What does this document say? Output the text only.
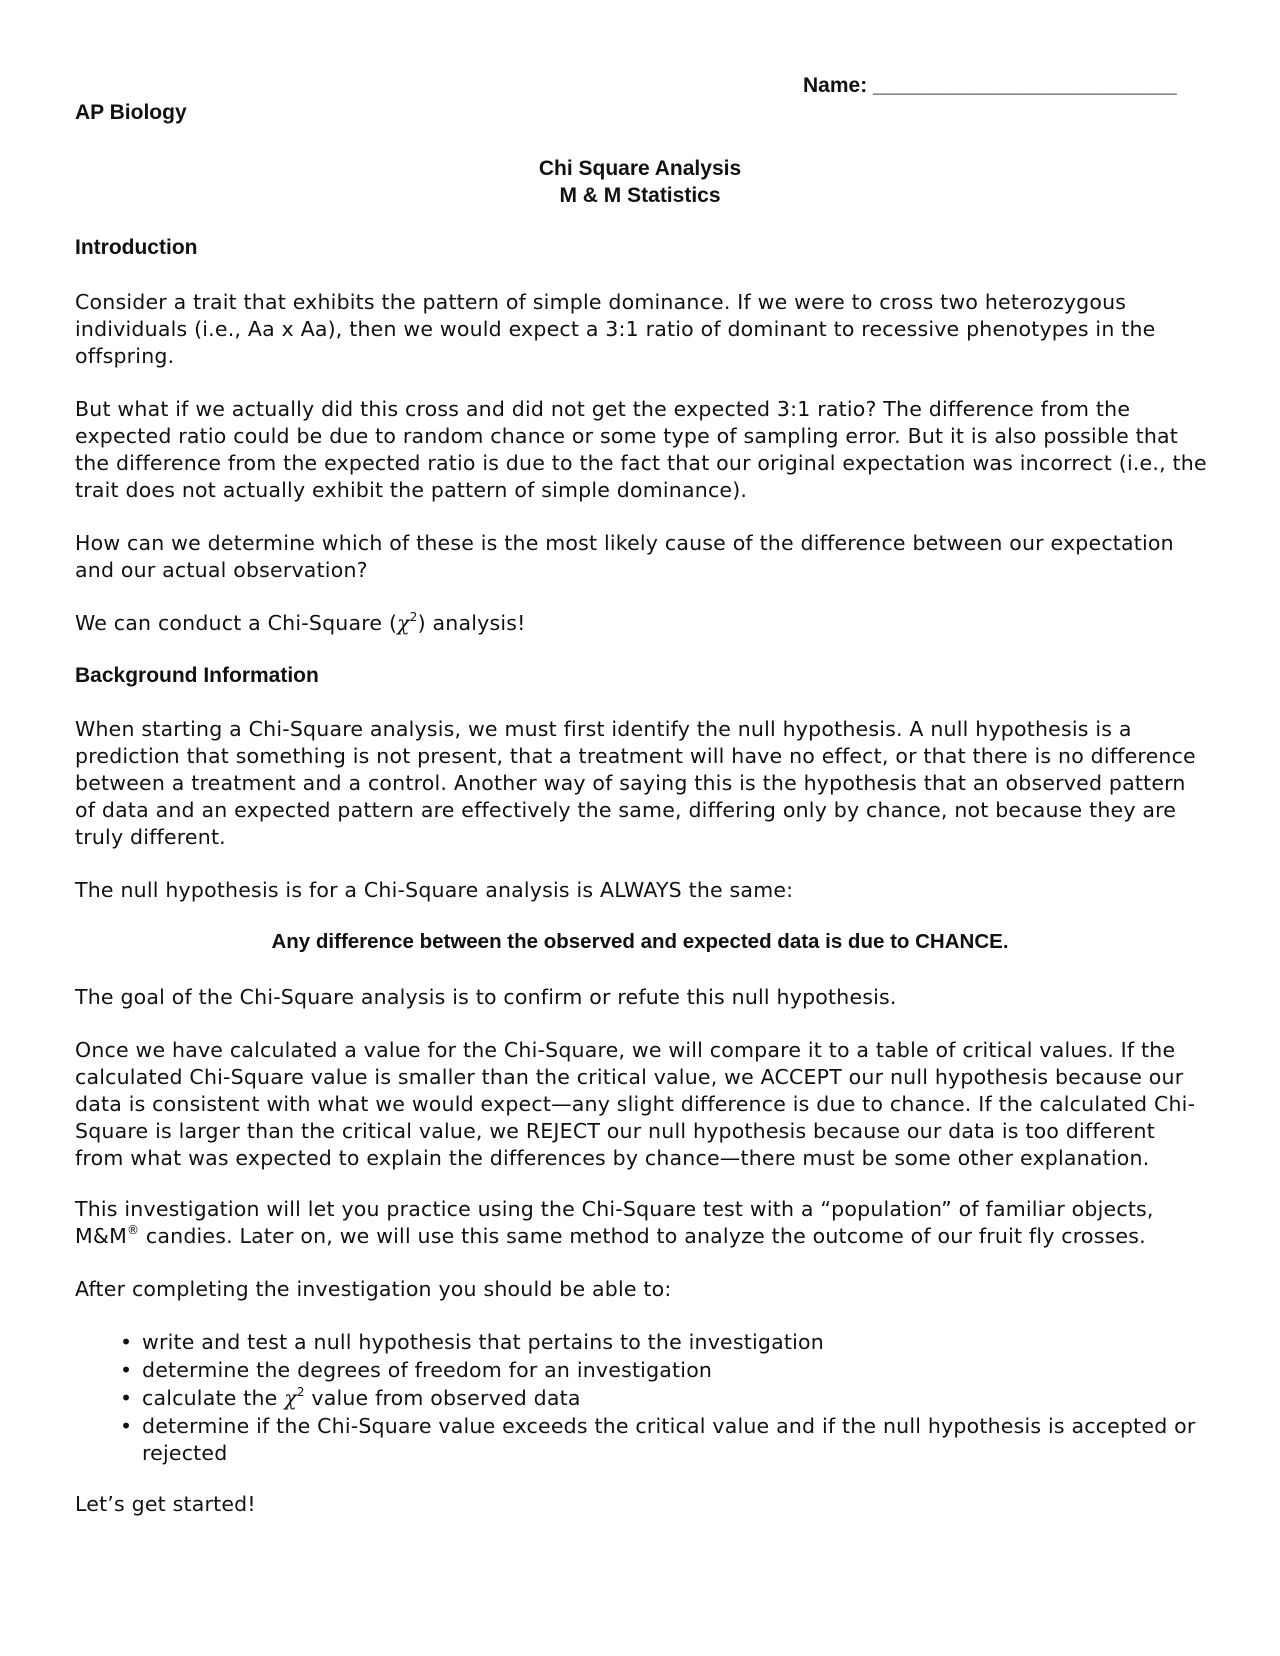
Name: __________________________
AP Biology
Chi Square Analysis
M & M Statistics
Introduction

Consider a trait that exhibits the pattern of simple dominance. If we were to cross two heterozygous individuals (i.e., Aa x Aa), then we would expect a 3:1 ratio of dominant to recessive phenotypes in the offspring.

But what if we actually did this cross and did not get the expected 3:1 ratio? The difference from the expected ratio could be due to random chance or some type of sampling error. But it is also possible that the difference from the expected ratio is due to the fact that our original expectation was incorrect (i.e., the trait does not actually exhibit the pattern of simple dominance).

How can we determine which of these is the most likely cause of the difference between our expectation and our actual observation?

We can conduct a Chi-Square $(\chi^2)$ analysis!

Background Information

When starting a Chi-Square analysis, we must first identify the null hypothesis. A null hypothesis is a prediction that something is not present, that a treatment will have no effect, or that there is no difference between a treatment and a control. Another way of saying this is the hypothesis that an observed pattern of data and an expected pattern are effectively the same, differing only by chance, not because they are truly different.

The null hypothesis is for a Chi-Square analysis is ALWAYS the same:

Any difference between the observed and expected data is due to CHANCE.

The goal of the Chi-Square analysis is to confirm or refute this null hypothesis.

Once we have calculated a value for the Chi-Square, we will compare it to a table of critical values. If the calculated Chi-Square value is smaller than the critical value, we ACCEPT our null hypothesis because our data is consistent with what we would expect—any slight difference is due to chance. If the calculated Chi-Square is larger than the critical value, we REJECT our null hypothesis because our data is too different from what was expected to explain the differences by chance—there must be some other explanation.

This investigation will let you practice using the Chi-Square test with a “population” of familiar objects, M&M® candies. Later on, we will use this same method to analyze the outcome of our fruit fly crosses.

After completing the investigation you should be able to:

• write and test a null hypothesis that pertains to the investigation
• determine the degrees of freedom for an investigation
• calculate the $\chi^2$ value from observed data
• determine if the Chi-Square value exceeds the critical value and if the null hypothesis is accepted or rejected

Let’s get started!
